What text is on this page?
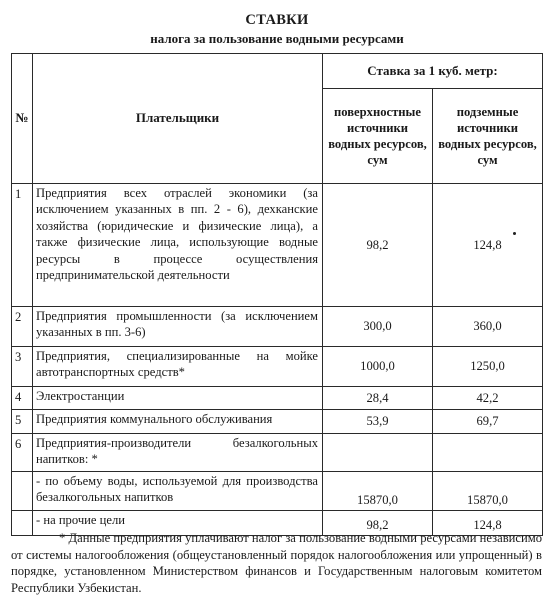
СТАВКИ
налога за пользование водными ресурсами
№	Плательщики	Ставка за 1 куб. метр:	
		поверхностные источники водных ресурсов, сум	подземные источники водных ресурсов, сум
1	Предприятия всех отраслей экономики (за исключением указанных в пп. 2 - 6), дехканские хозяйства (юридические и физические лица), а также физические лица, использующие водные ресурсы в процессе осуществления предпринимательской деятельности	98,2	124,8
2	Предприятия промышленности (за исключением указанных в пп. 3-6)	300,0	360,0
3	Предприятия, специализированные на мойке автотранспортных средств*	1000,0	1250,0
4	Электростанции	28,4	42,2
5	Предприятия коммунального обслуживания	53,9	69,7
6	Предприятия-производители безалкогольных напитков: *		
	- по объему воды, используемой для производства безалкогольных напитков	15870,0	15870,0
	- на прочие цели	98,2	124,8
* Данные предприятия уплачивают налог за пользование водными ресурсами независимо от системы налогообложения (общеустановленный порядок налогообложения или упрощенный) в порядке, установленном Министерством финансов и Государственным налоговым комитетом Республики Узбекистан.
